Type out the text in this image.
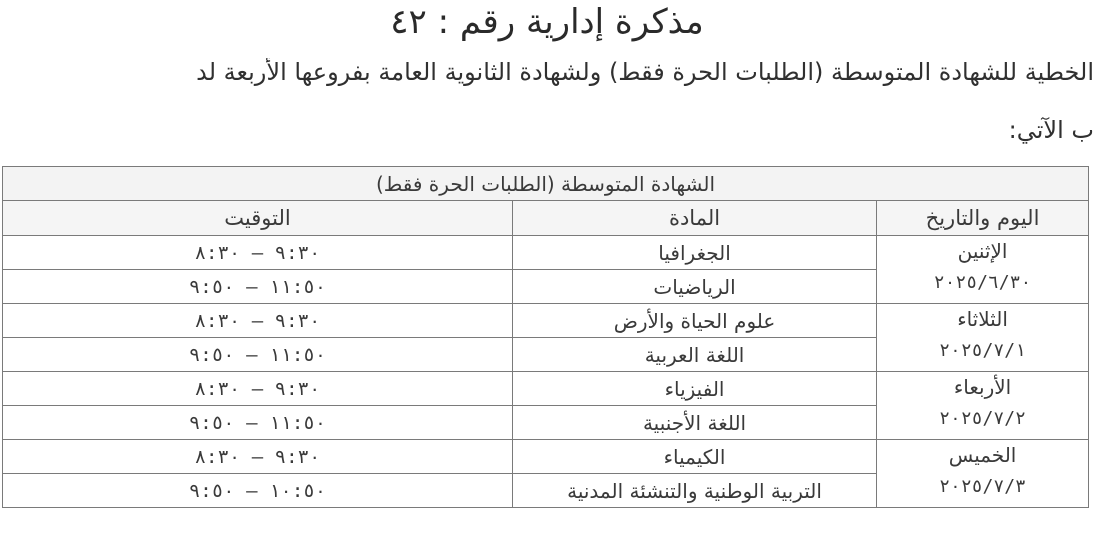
مذكرة إدارية رقم : ٤٢
الخطية للشهادة المتوسطة (الطلبات الحرة فقط) ولشهادة الثانوية العامة بفروعها الأربعة لد
ب الآتي:
الشهادة المتوسطة (الطلبات الحرة فقط)		
اليوم والتاريخ	المادة	التوقيت

الإثنين
٢٠٢٥/٦/٣٠	الجغرافيا	٩:٣٠ – ٨:٣٠
	الرياضيات	١١:٥٠ – ٩:٥٠

الثلاثاء
٢٠٢٥/٧/١	علوم الحياة والأرض	٩:٣٠ – ٨:٣٠
	اللغة العربية	١١:٥٠ – ٩:٥٠

الأربعاء
٢٠٢٥/٧/٢	الفيزياء	٩:٣٠ – ٨:٣٠
	اللغة الأجنبية	١١:٥٠ – ٩:٥٠

الخميس
٢٠٢٥/٧/٣	الكيمياء	٩:٣٠ – ٨:٣٠
	التربية الوطنية والتنشئة المدنية	١٠:٥٠ – ٩:٥٠
